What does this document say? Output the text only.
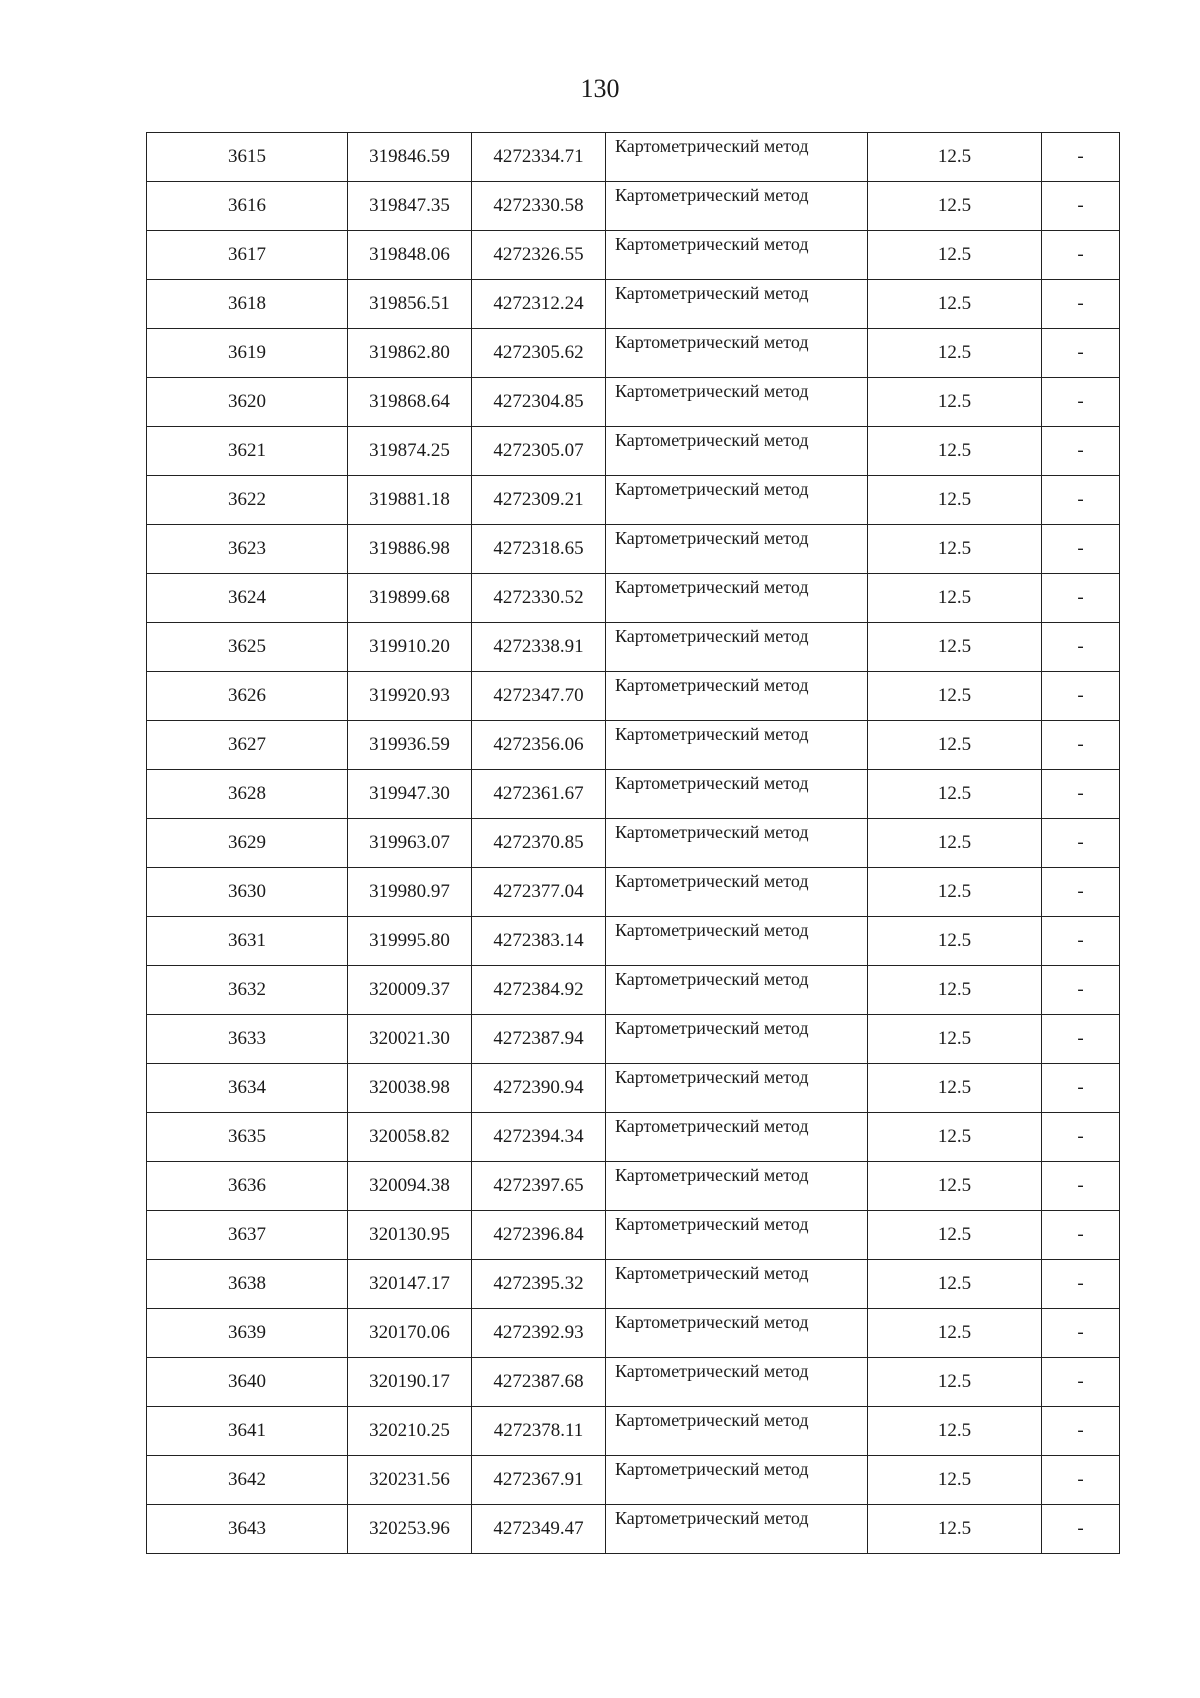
130
3615	319846.59	4272334.71	Картометрический метод	12.5	-
3616	319847.35	4272330.58	Картометрический метод	12.5	-
3617	319848.06	4272326.55	Картометрический метод	12.5	-
3618	319856.51	4272312.24	Картометрический метод	12.5	-
3619	319862.80	4272305.62	Картометрический метод	12.5	-
3620	319868.64	4272304.85	Картометрический метод	12.5	-
3621	319874.25	4272305.07	Картометрический метод	12.5	-
3622	319881.18	4272309.21	Картометрический метод	12.5	-
3623	319886.98	4272318.65	Картометрический метод	12.5	-
3624	319899.68	4272330.52	Картометрический метод	12.5	-
3625	319910.20	4272338.91	Картометрический метод	12.5	-
3626	319920.93	4272347.70	Картометрический метод	12.5	-
3627	319936.59	4272356.06	Картометрический метод	12.5	-
3628	319947.30	4272361.67	Картометрический метод	12.5	-
3629	319963.07	4272370.85	Картометрический метод	12.5	-
3630	319980.97	4272377.04	Картометрический метод	12.5	-
3631	319995.80	4272383.14	Картометрический метод	12.5	-
3632	320009.37	4272384.92	Картометрический метод	12.5	-
3633	320021.30	4272387.94	Картометрический метод	12.5	-
3634	320038.98	4272390.94	Картометрический метод	12.5	-
3635	320058.82	4272394.34	Картометрический метод	12.5	-
3636	320094.38	4272397.65	Картометрический метод	12.5	-
3637	320130.95	4272396.84	Картометрический метод	12.5	-
3638	320147.17	4272395.32	Картометрический метод	12.5	-
3639	320170.06	4272392.93	Картометрический метод	12.5	-
3640	320190.17	4272387.68	Картометрический метод	12.5	-
3641	320210.25	4272378.11	Картометрический метод	12.5	-
3642	320231.56	4272367.91	Картометрический метод	12.5	-
3643	320253.96	4272349.47	Картометрический метод	12.5	-
